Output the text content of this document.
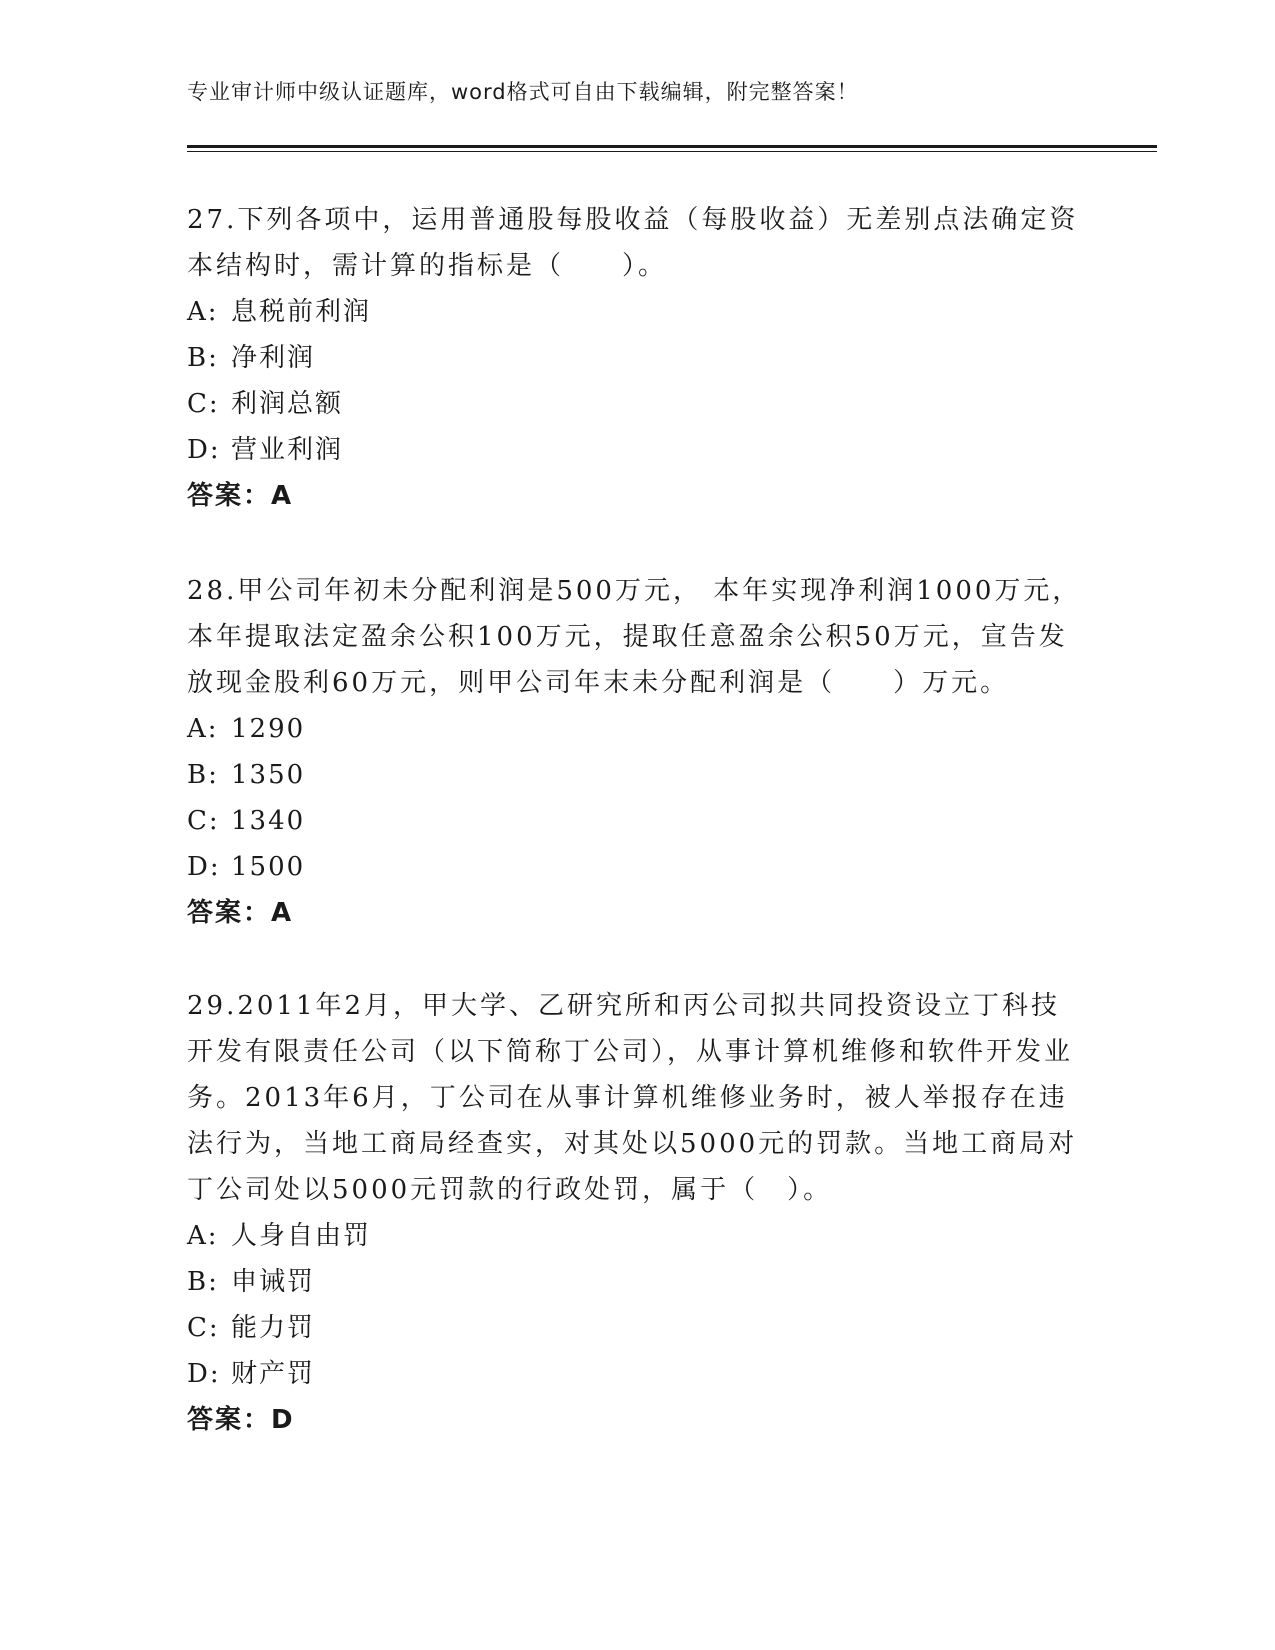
专业审计师中级认证题库，word格式可自由下载编辑，附完整答案！

27.下列各项中，运用普通股每股收益（每股收益）无差别点法确定资本结构时，需计算的指标是（　　）。

A: 息税前利润
B: 净利润
C: 利润总额
D: 营业利润

答案：A

28.甲公司年初未分配利润是500万元， 本年实现净利润1000万元，本年提取法定盈余公积100万元，提取任意盈余公积50万元，宣告发放现金股利60万元，则甲公司年末未分配利润是（　　）万元。

A: 1290
B: 1350
C: 1340
D: 1500

答案：A

29.2011年2月，甲大学、乙研究所和丙公司拟共同投资设立丁科技开发有限责任公司（以下简称丁公司），从事计算机维修和软件开发业务。2013年6月，丁公司在从事计算机维修业务时，被人举报存在违法行为，当地工商局经查实，对其处以5000元的罚款。当地工商局对丁公司处以5000元罚款的行政处罚，属于（　）。

A: 人身自由罚
B: 申诫罚
C: 能力罚
D: 财产罚

答案：D
